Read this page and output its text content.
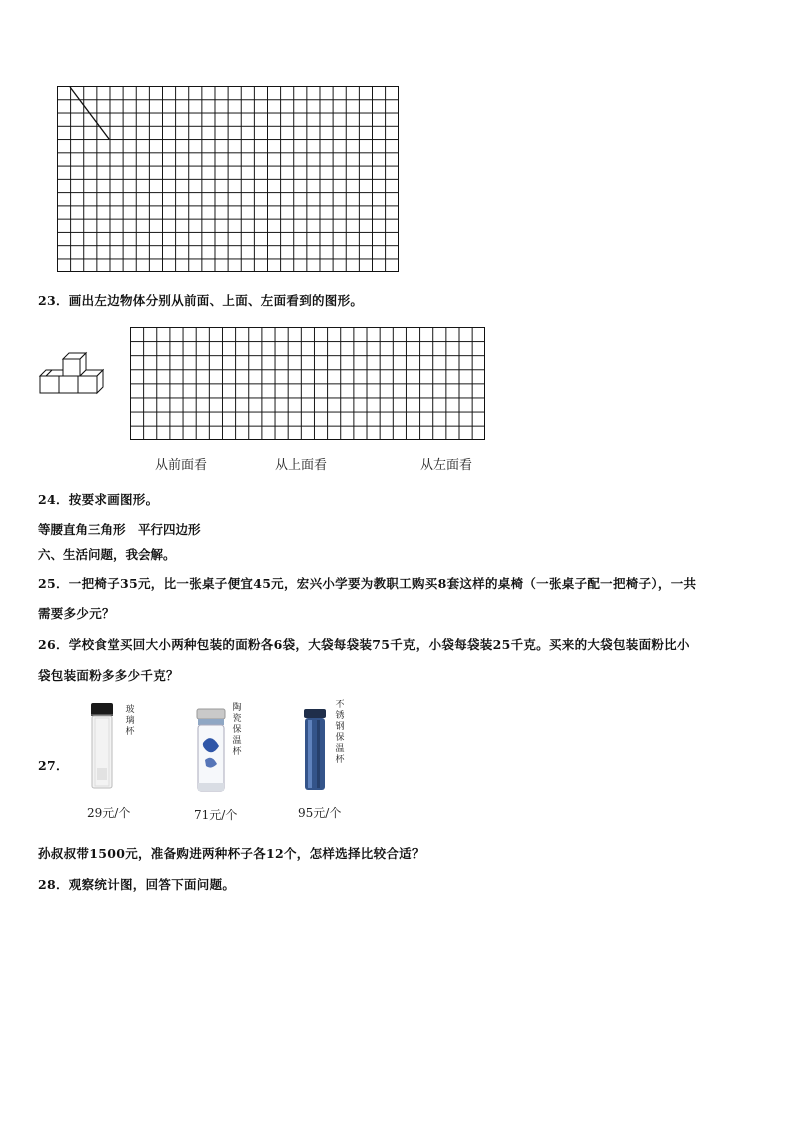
23．画出左边物体分别从前面、上面、左面看到的图形。
从前面看	从上面看	从左面看
24．按要求画图形。
等腰直角三角形　平行四边形
六、生活问题，我会解。
25．一把椅子35元，比一张桌子便宜45元，宏兴小学要为教职工购买8套这样的桌椅（一张桌子配一把椅子），一共
需要多少元？
26．学校食堂买回大小两种包装的面粉各6袋，大袋每袋装75千克，小袋每袋装25千克。买来的大袋包装面粉比小
袋包装面粉多多少千克？
27．
玻璃杯
29元/个
陶瓷保温杯
71元/个
不锈钢保温杯
95元/个
孙叔叔带1500元，准备购进两种杯子各12个，怎样选择比较合适？
28．观察统计图，回答下面问题。
